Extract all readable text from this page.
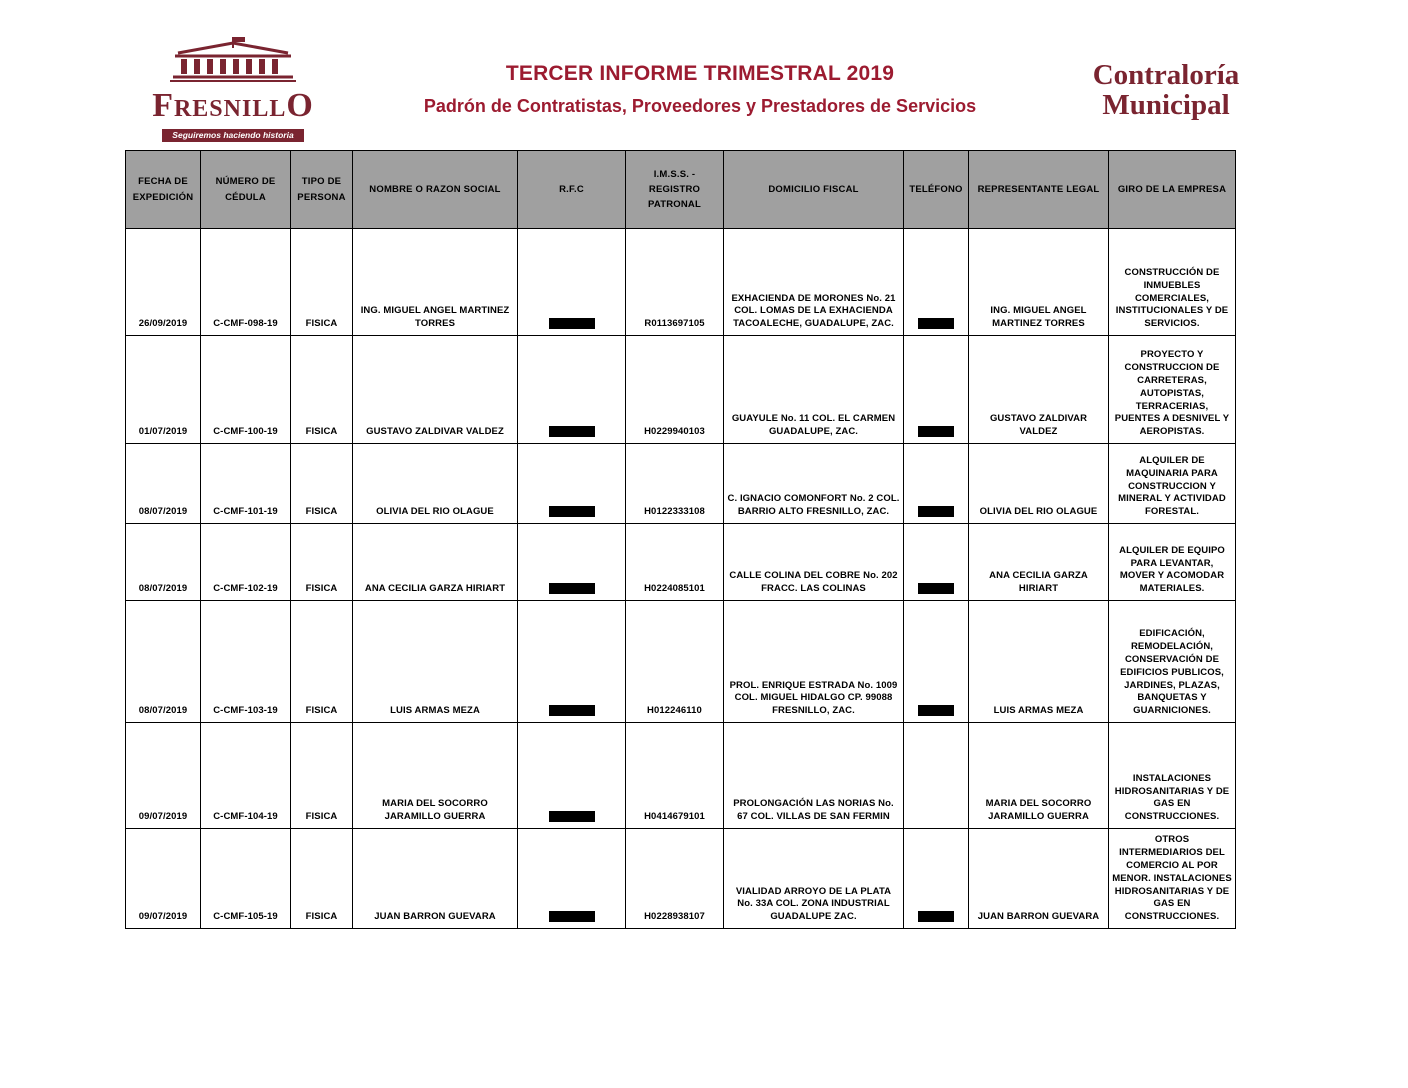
FresnillO
Seguiremos haciendo historia
TERCER INFORME TRIMESTRAL 2019
Padrón de Contratistas, Proveedores y Prestadores de Servicios
Contraloría
Municipal
FECHA DE EXPEDICIÓN	NÚMERO DE CÉDULA	TIPO DE PERSONA	NOMBRE O RAZON SOCIAL	R.F.C	I.M.S.S. - REGISTRO PATRONAL	DOMICILIO FISCAL	TELÉFONO	REPRESENTANTE LEGAL	GIRO DE LA EMPRESA
26/09/2019	C-CMF-098-19	FISICA	ING. MIGUEL ANGEL MARTINEZ TORRES		R0113697105	EXHACIENDA DE MORONES No. 21 COL. LOMAS DE LA EXHACIENDA TACOALECHE, GUADALUPE, ZAC.		ING. MIGUEL ANGEL MARTINEZ TORRES	CONSTRUCCIÓN DE INMUEBLES COMERCIALES, INSTITUCIONALES Y DE SERVICIOS.
01/07/2019	C-CMF-100-19	FISICA	GUSTAVO ZALDIVAR VALDEZ		H0229940103	GUAYULE No. 11 COL. EL CARMEN GUADALUPE, ZAC.		GUSTAVO ZALDIVAR VALDEZ	PROYECTO Y CONSTRUCCION DE CARRETERAS, AUTOPISTAS, TERRACERIAS, PUENTES A DESNIVEL Y AEROPISTAS.
08/07/2019	C-CMF-101-19	FISICA	OLIVIA DEL RIO OLAGUE		H0122333108	C. IGNACIO COMONFORT No. 2 COL. BARRIO ALTO FRESNILLO, ZAC.		OLIVIA DEL RIO OLAGUE	ALQUILER DE MAQUINARIA PARA CONSTRUCCION Y MINERAL Y ACTIVIDAD FORESTAL.
08/07/2019	C-CMF-102-19	FISICA	ANA CECILIA GARZA HIRIART		H0224085101	CALLE COLINA DEL COBRE No. 202 FRACC. LAS COLINAS		ANA CECILIA GARZA HIRIART	ALQUILER DE EQUIPO PARA LEVANTAR, MOVER Y ACOMODAR MATERIALES.
08/07/2019	C-CMF-103-19	FISICA	LUIS ARMAS MEZA		H012246110	PROL. ENRIQUE ESTRADA No. 1009 COL. MIGUEL HIDALGO CP. 99088 FRESNILLO, ZAC.		LUIS ARMAS MEZA	EDIFICACIÓN, REMODELACIÓN, CONSERVACIÓN DE EDIFICIOS PUBLICOS, JARDINES, PLAZAS, BANQUETAS Y GUARNICIONES.
09/07/2019	C-CMF-104-19	FISICA	MARIA DEL SOCORRO JARAMILLO GUERRA		H0414679101	PROLONGACIÓN LAS NORIAS No. 67 COL. VILLAS DE SAN FERMIN		MARIA DEL SOCORRO JARAMILLO GUERRA	INSTALACIONES HIDROSANITARIAS Y DE GAS EN CONSTRUCCIONES.
09/07/2019	C-CMF-105-19	FISICA	JUAN BARRON GUEVARA		H0228938107	VIALIDAD ARROYO DE LA PLATA No. 33A COL. ZONA INDUSTRIAL GUADALUPE ZAC.		JUAN BARRON GUEVARA	OTROS INTERMEDIARIOS DEL COMERCIO AL POR MENOR. INSTALACIONES HIDROSANITARIAS Y DE GAS EN CONSTRUCCIONES.
